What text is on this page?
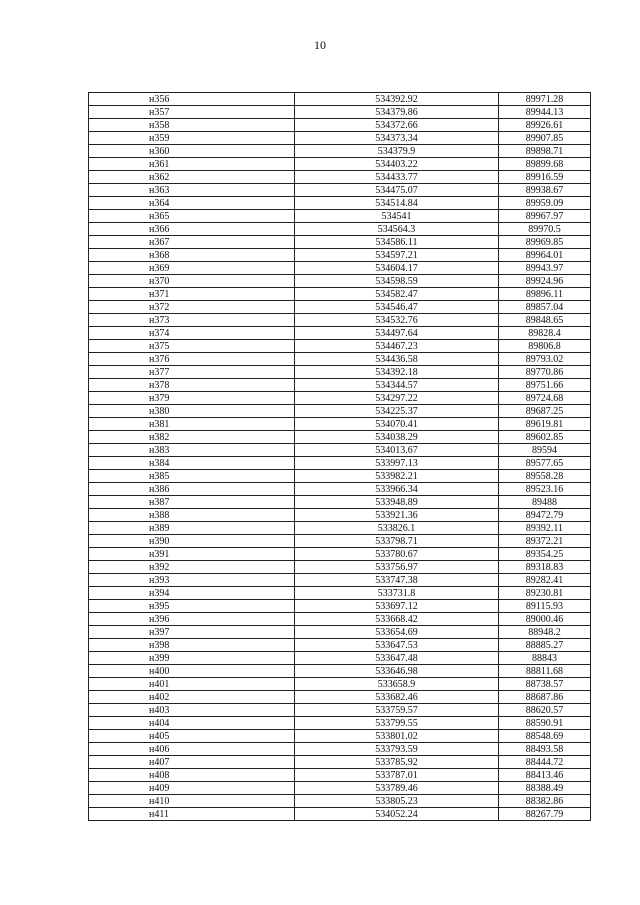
10
н356	534392.92	89971.28
н357	534379.86	89944.13
н358	534372.66	89926.61
н359	534373.34	89907.85
н360	534379.9	89898.71
н361	534403.22	89899.68
н362	534433.77	89916.59
н363	534475.07	89938.67
н364	534514.84	89959.09
н365	534541	89967.97
н366	534564.3	89970.5
н367	534586.11	89969.85
н368	534597.21	89964.01
н369	534604.17	89943.97
н370	534598.59	89924.96
н371	534582.47	89896.11
н372	534546.47	89857.04
н373	534532.76	89848.65
н374	534497.64	89828.4
н375	534467.23	89806.8
н376	534436.58	89793.02
н377	534392.18	89770.86
н378	534344.57	89751.66
н379	534297.22	89724.68
н380	534225.37	89687.25
н381	534070.41	89619.81
н382	534038.29	89602.85
н383	534013.67	89594
н384	533997.13	89577.65
н385	533982.21	89558.28
н386	533966.34	89523.16
н387	533948.89	89488
н388	533921.36	89472.79
н389	533826.1	89392.11
н390	533798.71	89372.21
н391	533780.67	89354.25
н392	533756.97	89318.83
н393	533747.38	89282.41
н394	533731.8	89230.81
н395	533697.12	89115.93
н396	533668.42	89000.46
н397	533654.69	88948.2
н398	533647.53	88885.27
н399	533647.48	88843
н400	533646.98	88811.68
н401	533658.9	88738.57
н402	533682.46	88687.86
н403	533759.57	88620.57
н404	533799.55	88590.91
н405	533801.02	88548.69
н406	533793.59	88493.58
н407	533785.92	88444.72
н408	533787.01	88413.46
н409	533789.46	88388.49
н410	533805.23	88382.86
н411	534052.24	88267.79
